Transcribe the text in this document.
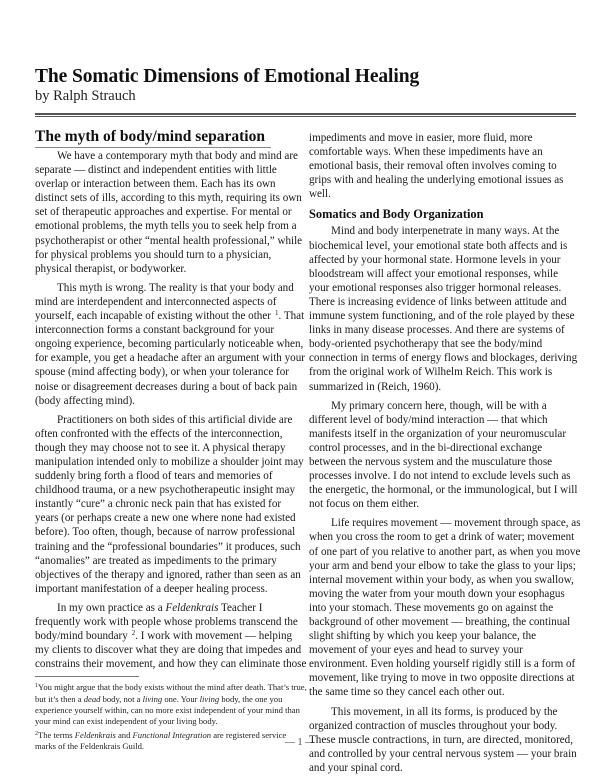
The Somatic Dimensions of Emotional Healing
by Ralph Strauch
The myth of body/mind separation

We have a contemporary myth that body and mind are separate — distinct and independent entities with little overlap or interaction between them. Each has its own distinct sets of ills, according to this myth, requiring its own set of therapeutic approaches and expertise. For mental or emotional problems, the myth tells you to seek help from a psychotherapist or other “mental health professional,” while for physical problems you should turn to a physician, physical therapist, or bodyworker.

This myth is wrong. The reality is that your body and mind are interdependent and interconnected aspects of yourself, each incapable of existing without the other $^1$. That interconnection forms a constant background for your ongoing experience, becoming particularly noticeable when, for example, you get a headache after an argument with your spouse (mind affecting body), or when your tolerance for noise or disagreement decreases during a bout of back pain (body affecting mind).

Practitioners on both sides of this artificial divide are often confronted with the effects of the interconnection, though they may choose not to see it. A physical therapy manipulation intended only to mobilize a shoulder joint may suddenly bring forth a flood of tears and memories of childhood trauma, or a new psychotherapeutic insight may instantly “cure” a chronic neck pain that has existed for years (or perhaps create a new one where none had existed before). Too often, though, because of narrow professional training and the “professional boundaries” it produces, such “anomalies” are treated as impediments to the primary objectives of the therapy and ignored, rather than seen as an important manifestation of a deeper healing process.

In my own practice as a Feldenkrais Teacher I frequently work with people whose problems transcend the body/mind boundary $^2$. I work with movement — helping my clients to discover what they are doing that impedes and constrains their movement, and how they can eliminate those

$^1$You might argue that the body exists without the mind after death. That’s true, but it’s then a dead body, not a living one. Your living body, the one you experience yourself within, can no more exist independent of your mind than your mind can exist independent of your living body.

$^2$The terms Feldenkrais and Functional Integration are registered service marks of the Feldenkrais Guild.

impediments and move in easier, more fluid, more comfortable ways. When these impediments have an emotional basis, their removal often involves coming to grips with and healing the underlying emotional issues as well.

Somatics and Body Organization

Mind and body interpenetrate in many ways. At the biochemical level, your emotional state both affects and is affected by your hormonal state. Hormone levels in your bloodstream will affect your emotional responses, while your emotional responses also trigger hormonal releases. There is increasing evidence of links between attitude and immune system functioning, and of the role played by these links in many disease processes. And there are systems of body-oriented psychotherapy that see the body/mind connection in terms of energy flows and blockages, deriving from the original work of Wilhelm Reich. This work is summarized in (Reich, 1960).

My primary concern here, though, will be with a different level of body/mind interaction — that which manifests itself in the organization of your neuromuscular control processes, and in the bi-directional exchange between the nervous system and the musculature those processes involve. I do not intend to exclude levels such as the energetic, the hormonal, or the immunological, but I will not focus on them either.

Life requires movement — movement through space, as when you cross the room to get a drink of water; movement of one part of you relative to another part, as when you move your arm and bend your elbow to take the glass to your lips; internal movement within your body, as when you swallow, moving the water from your mouth down your esophagus into your stomach. These movements go on against the background of other movement — breathing, the continual slight shifting by which you keep your balance, the movement of your eyes and head to survey your environment. Even holding yourself rigidly still is a form of movement, like trying to move in two opposite directions at the same time so they cancel each other out.

This movement, in all its forms, is produced by the organized contraction of muscles throughout your body. These muscle contractions, in turn, are directed, monitored, and controlled by your central nervous system — your brain and your spinal cord.

— 1 —
